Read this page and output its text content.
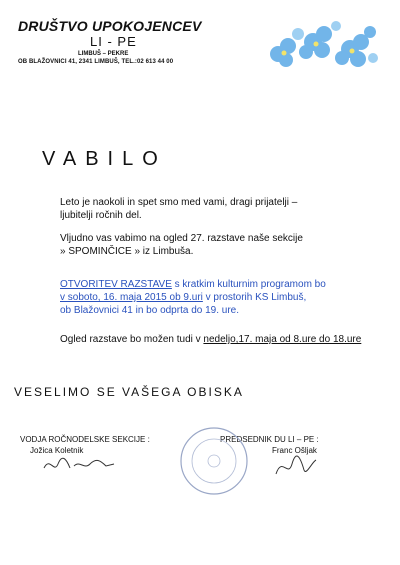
DRUŠTVO UPOKOJENCEV
LI - PE
LIMBUŠ – PEKRE
OB BLAŽOVNICI 41, 2341 LIMBUŠ, TEL.:02 613 44 00
VABILO
Leto je naokoli in spet smo med vami, dragi prijatelji –
ljubitelji ročnih del.
Vljudno vas vabimo na ogled 27. razstave naše sekcije
» SPOMINČICE » iz Limbuša.
OTVORITEV RAZSTAVE s kratkim kulturnim programom bo
v soboto, 16. maja 2015 ob 9.uri v prostorih KS Limbuš,
ob Blažovnici 41 in bo odprta do 19. ure.
Ogled razstave bo možen tudi v nedeljo,17. maja od 8.ure do 18.ure
VESELIMO SE VAŠEGA OBISKA
VODJA ROČNODELSKE SEKCIJE :
Jožica Koletnik
PREDSEDNIK DU LI – PE :
Franc Ošljak
